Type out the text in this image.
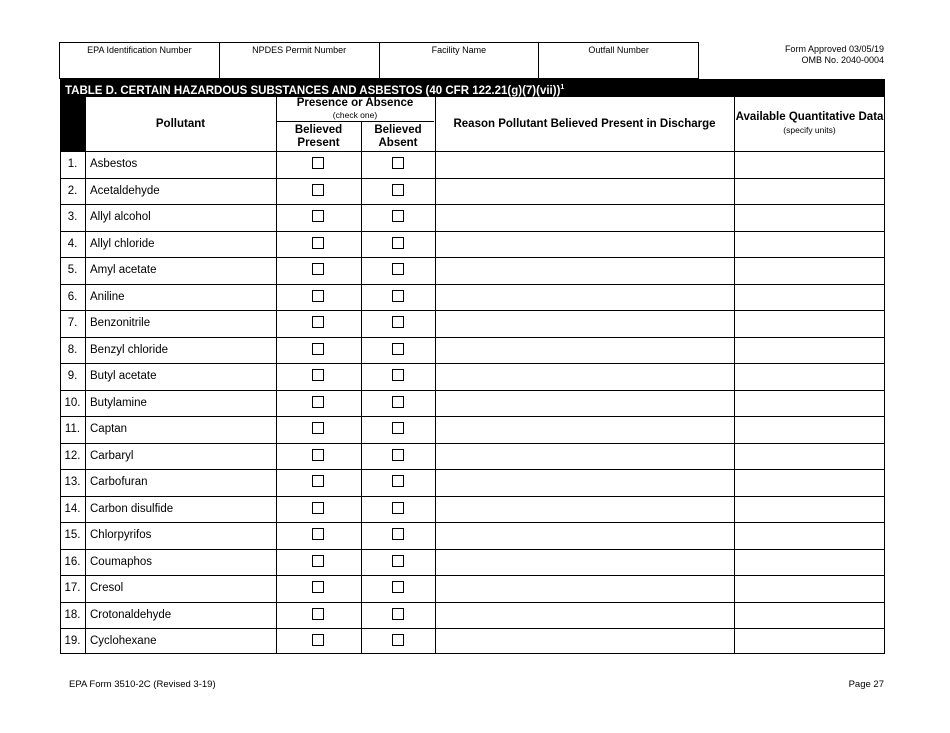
EPA Identification Number	NPDES Permit Number	Facility Name	Outfall Number	Form Approved 03/05/19
OMB No. 2040-0004
TABLE D. CERTAIN HAZARDOUS SUBSTANCES AND ASBESTOS (40 CFR 122.21(g)(7)(vii))$^1$
Pollutant
Presence or Absence
(check one)
Believed
Present
Believed
Absent
Reason Pollutant Believed Present in Discharge
Available Quantitative Data
(specify units)
1.	Asbestos
2.	Acetaldehyde
3.	Allyl alcohol
4.	Allyl chloride
5.	Amyl acetate
6.	Aniline
7.	Benzonitrile
8.	Benzyl chloride
9.	Butyl acetate
10. Butylamine
11. Captan
12. Carbaryl
13. Carbofuran
14. Carbon disulfide
15. Chlorpyrifos
16. Coumaphos
17. Cresol
18. Crotonaldehyde
19. Cyclohexane
EPA Form 3510-2C (Revised 3-19)	Page 27
